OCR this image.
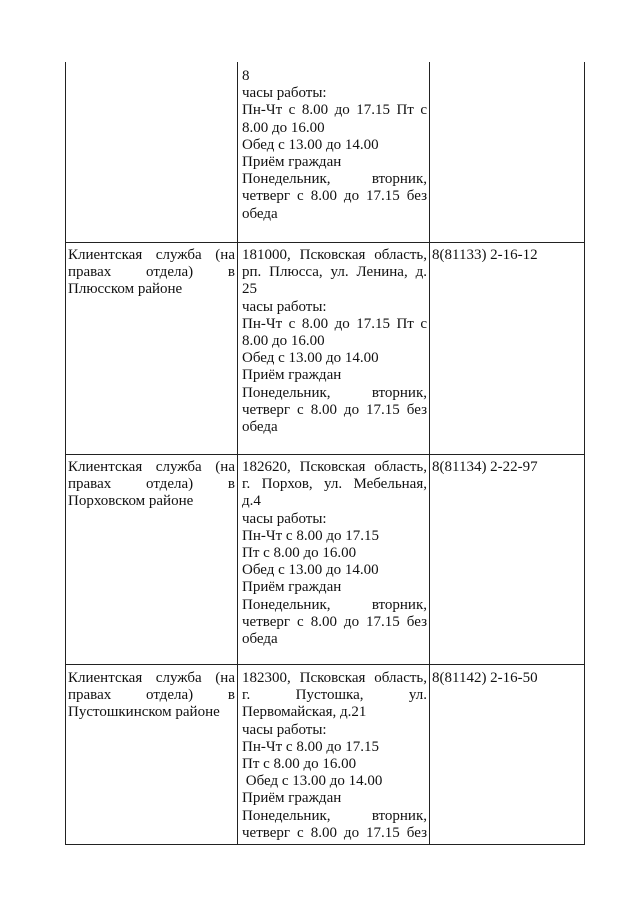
8
часы работы:
Пн-Чт с 8.00 до 17.15 Пт с
8.00 до 16.00
Обед с 13.00 до 14.00
Приём граждан
Понедельник, вторник,
четверг с 8.00 до 17.15 без
обеда
Клиентская служба (на
правах отдела) в
Плюсском районе
181000, Псковская область,
рп. Плюсса, ул. Ленина, д.
25
часы работы:
Пн-Чт с 8.00 до 17.15 Пт с
8.00 до 16.00
Обед с 13.00 до 14.00
Приём граждан
Понедельник, вторник,
четверг с 8.00 до 17.15 без
обеда
8(81133) 2-16-12
Клиентская служба (на
правах отдела) в
Порховском районе
182620, Псковская область,
г. Порхов, ул. Мебельная,
д.4
часы работы:
Пн-Чт с 8.00 до 17.15
Пт с 8.00 до 16.00
Обед с 13.00 до 14.00
Приём граждан
Понедельник, вторник,
четверг с 8.00 до 17.15 без
обеда
8(81134) 2-22-97
Клиентская служба (на
правах отдела) в
Пустошкинском районе
182300, Псковская область,
г. Пустошка, ул.
Первомайская, д.21
часы работы:
Пн-Чт с 8.00 до 17.15
Пт с 8.00 до 16.00
Обед с 13.00 до 14.00
Приём граждан
Понедельник, вторник,
четверг с 8.00 до 17.15 без
8(81142) 2-16-50
